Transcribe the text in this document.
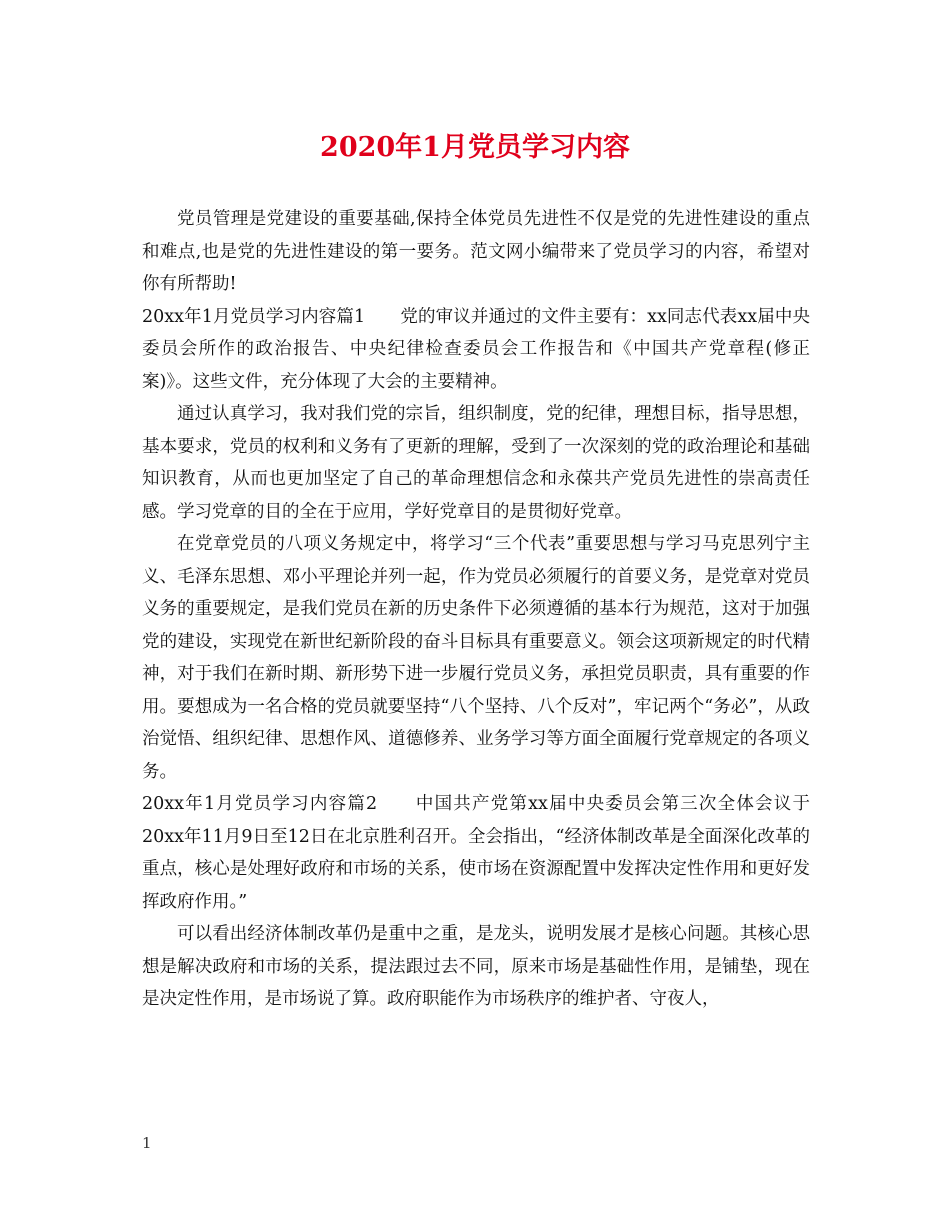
2020年1月党员学习内容

党员管理是党建设的重要基础,保持全体党员先进性不仅是党的先进性建设的重点和难点,也是党的先进性建设的第一要务。范文网小编带来了党员学习的内容，希望对你有所帮助!

20xx年1月党员学习内容篇1　　党的审议并通过的文件主要有：xx同志代表xx届中央委员会所作的政治报告、中央纪律检查委员会工作报告和《中国共产党章程(修正案)》。这些文件，充分体现了大会的主要精神。

通过认真学习，我对我们党的宗旨，组织制度，党的纪律，理想目标，指导思想，基本要求，党员的权利和义务有了更新的理解，受到了一次深刻的党的政治理论和基础知识教育，从而也更加坚定了自己的革命理想信念和永葆共产党员先进性的崇高责任感。学习党章的目的全在于应用，学好党章目的是贯彻好党章。

在党章党员的八项义务规定中，将学习“三个代表”重要思想与学习马克思列宁主义、毛泽东思想、邓小平理论并列一起，作为党员必须履行的首要义务，是党章对党员义务的重要规定，是我们党员在新的历史条件下必须遵循的基本行为规范，这对于加强党的建设，实现党在新世纪新阶段的奋斗目标具有重要意义。领会这项新规定的时代精神，对于我们在新时期、新形势下进一步履行党员义务，承担党员职责，具有重要的作用。要想成为一名合格的党员就要坚持“八个坚持、八个反对”，牢记两个“务必”，从政治觉悟、组织纪律、思想作风、道德修养、业务学习等方面全面履行党章规定的各项义务。

20xx年1月党员学习内容篇2　　中国共产党第xx届中央委员会第三次全体会议于20xx年11月9日至12日在北京胜利召开。全会指出，“经济体制改革是全面深化改革的重点，核心是处理好政府和市场的关系，使市场在资源配置中发挥决定性作用和更好发挥政府作用。”

可以看出经济体制改革仍是重中之重，是龙头，说明发展才是核心问题。其核心思想是解决政府和市场的关系，提法跟过去不同，原来市场是基础性作用，是铺垫，现在是决定性作用，是市场说了算。政府职能作为市场秩序的维护者、守夜人，

1
